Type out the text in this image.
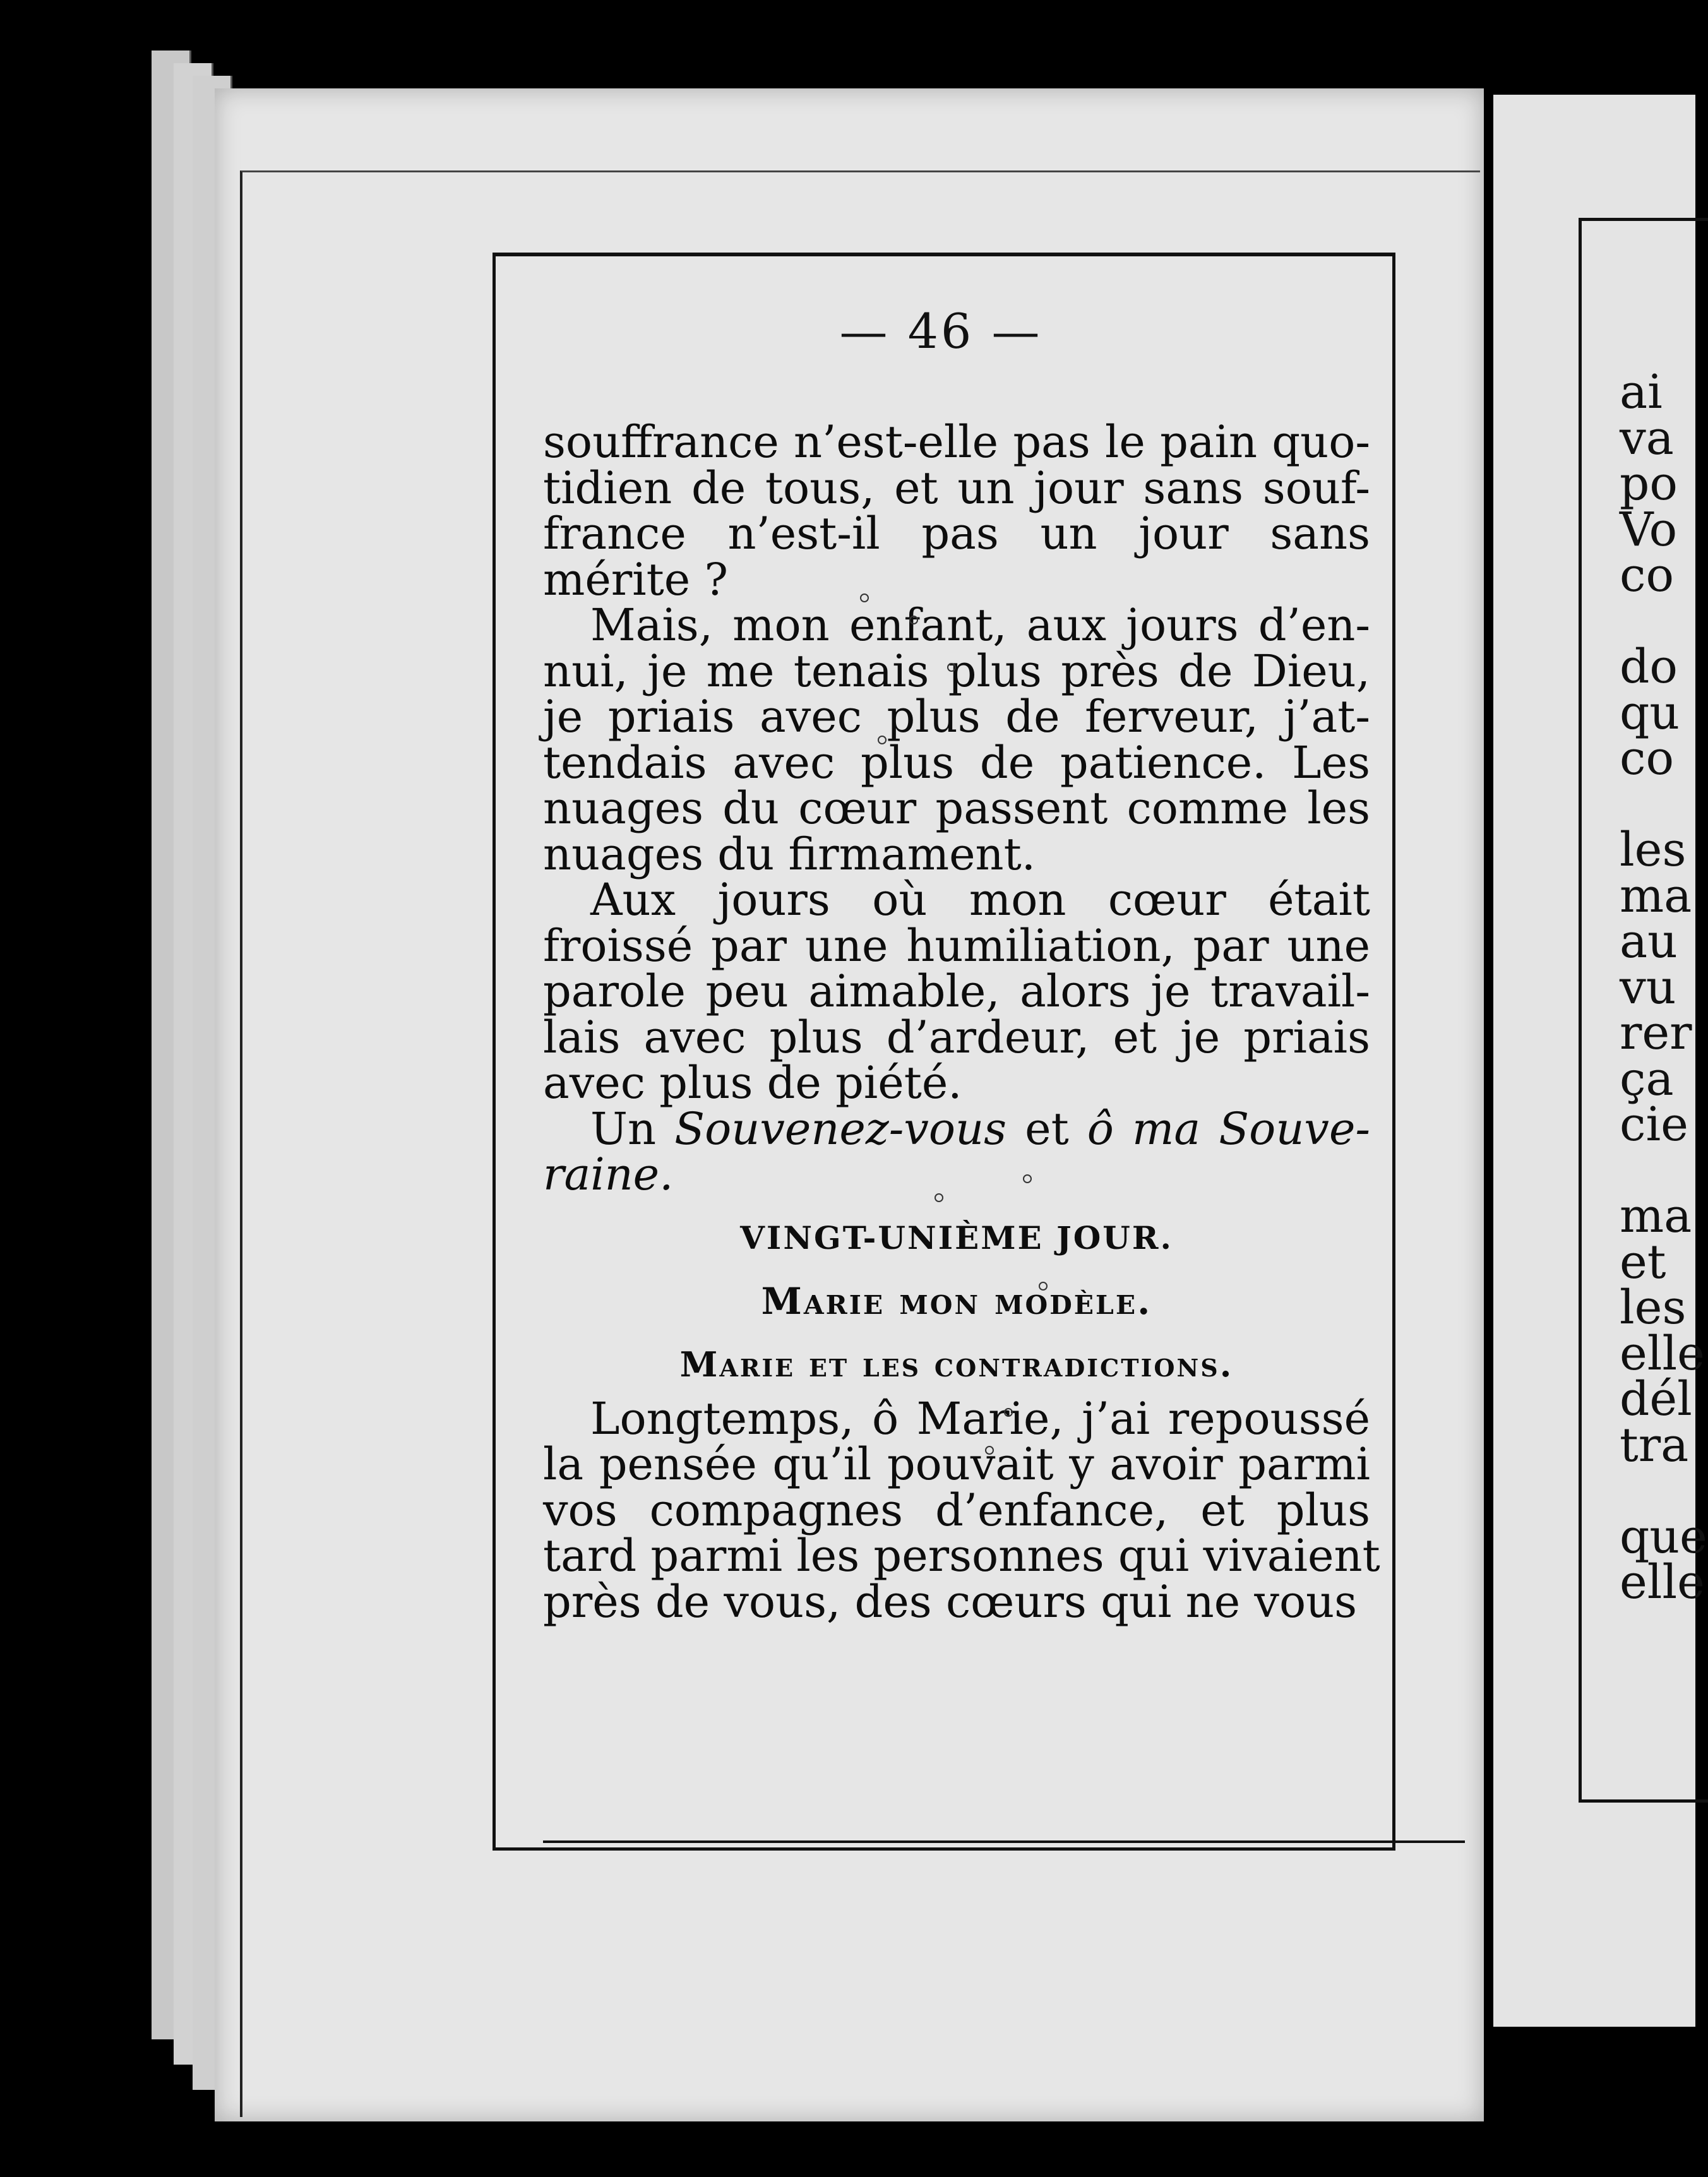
ai
va
po
Vo
co
do
qu
co
les
ma
au
vu
rer
ça
cie
ma
et
les
elle
dél
tra
que
elle
— 46 —
souffrance n’est-elle pas le pain quo-
tidien de tous, et un jour sans souf-
france n’est-il pas un jour sans
mérite ?
Mais, mon enfant, aux jours d’en-
nui, je me tenais plus près de Dieu,
je priais avec plus de ferveur, j’at-
tendais avec plus de patience. Les
nuages du cœur passent comme les
nuages du firmament.
Aux jours où mon cœur était
froissé par une humiliation, par une
parole peu aimable, alors je travail-
lais avec plus d’ardeur, et je priais
avec plus de piété.
Un Souvenez-vous et ô ma Souve-
raine.
VINGT-UNIÈME JOUR.
Marie mon modèle.
Marie et les contradictions.
Longtemps, ô Marie, j’ai repoussé
la pensée qu’il pouvait y avoir parmi
vos compagnes d’enfance, et plus
tard parmi les personnes qui vivaient
près de vous, des cœurs qui ne vous
